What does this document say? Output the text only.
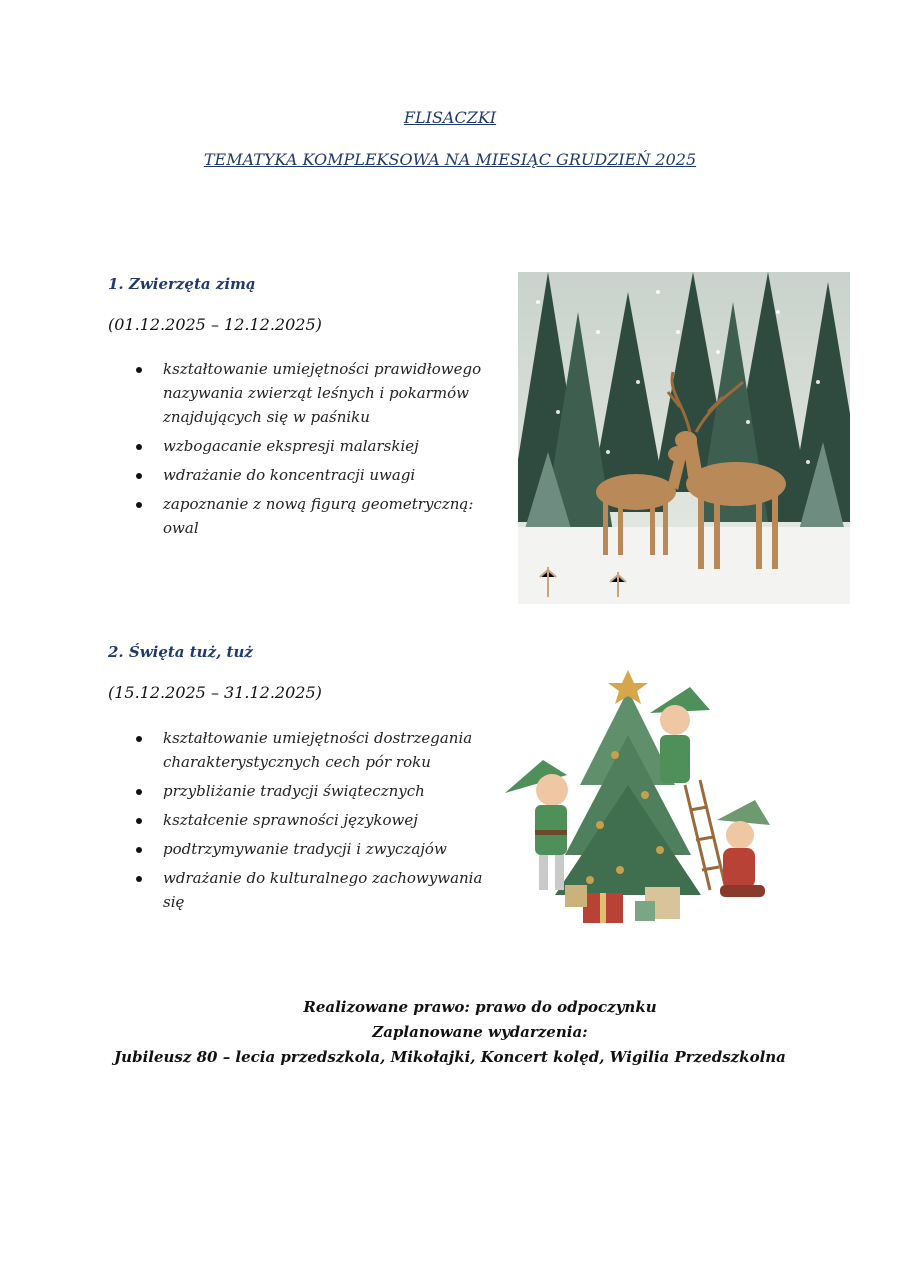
FLISACZKI
TEMATYKA KOMPLEKSOWA NA MIESIĄC GRUDZIEŃ 2025
1. Zwierzęta zimą
(01.12.2025 – 12.12.2025)
kształtowanie umiejętności prawidłowego nazywania zwierząt leśnych i pokarmów znajdujących się w paśniku
wzbogacanie ekspresji malarskiej
wdrażanie do koncentracji uwagi
zapoznanie z nową figurą geometryczną: owal
2. Święta tuż, tuż
(15.12.2025 – 31.12.2025)
kształtowanie umiejętności dostrzegania charakterystycznych cech pór roku
przybliżanie tradycji świątecznych
kształcenie sprawności językowej
podtrzymywanie tradycji i zwyczajów
wdrażanie do kulturalnego zachowywania się
Realizowane prawo: prawo do odpoczynku
Zaplanowane wydarzenia:
Jubileusz 80 – lecia przedszkola, Mikołajki, Koncert kolęd, Wigilia Przedszkolna
